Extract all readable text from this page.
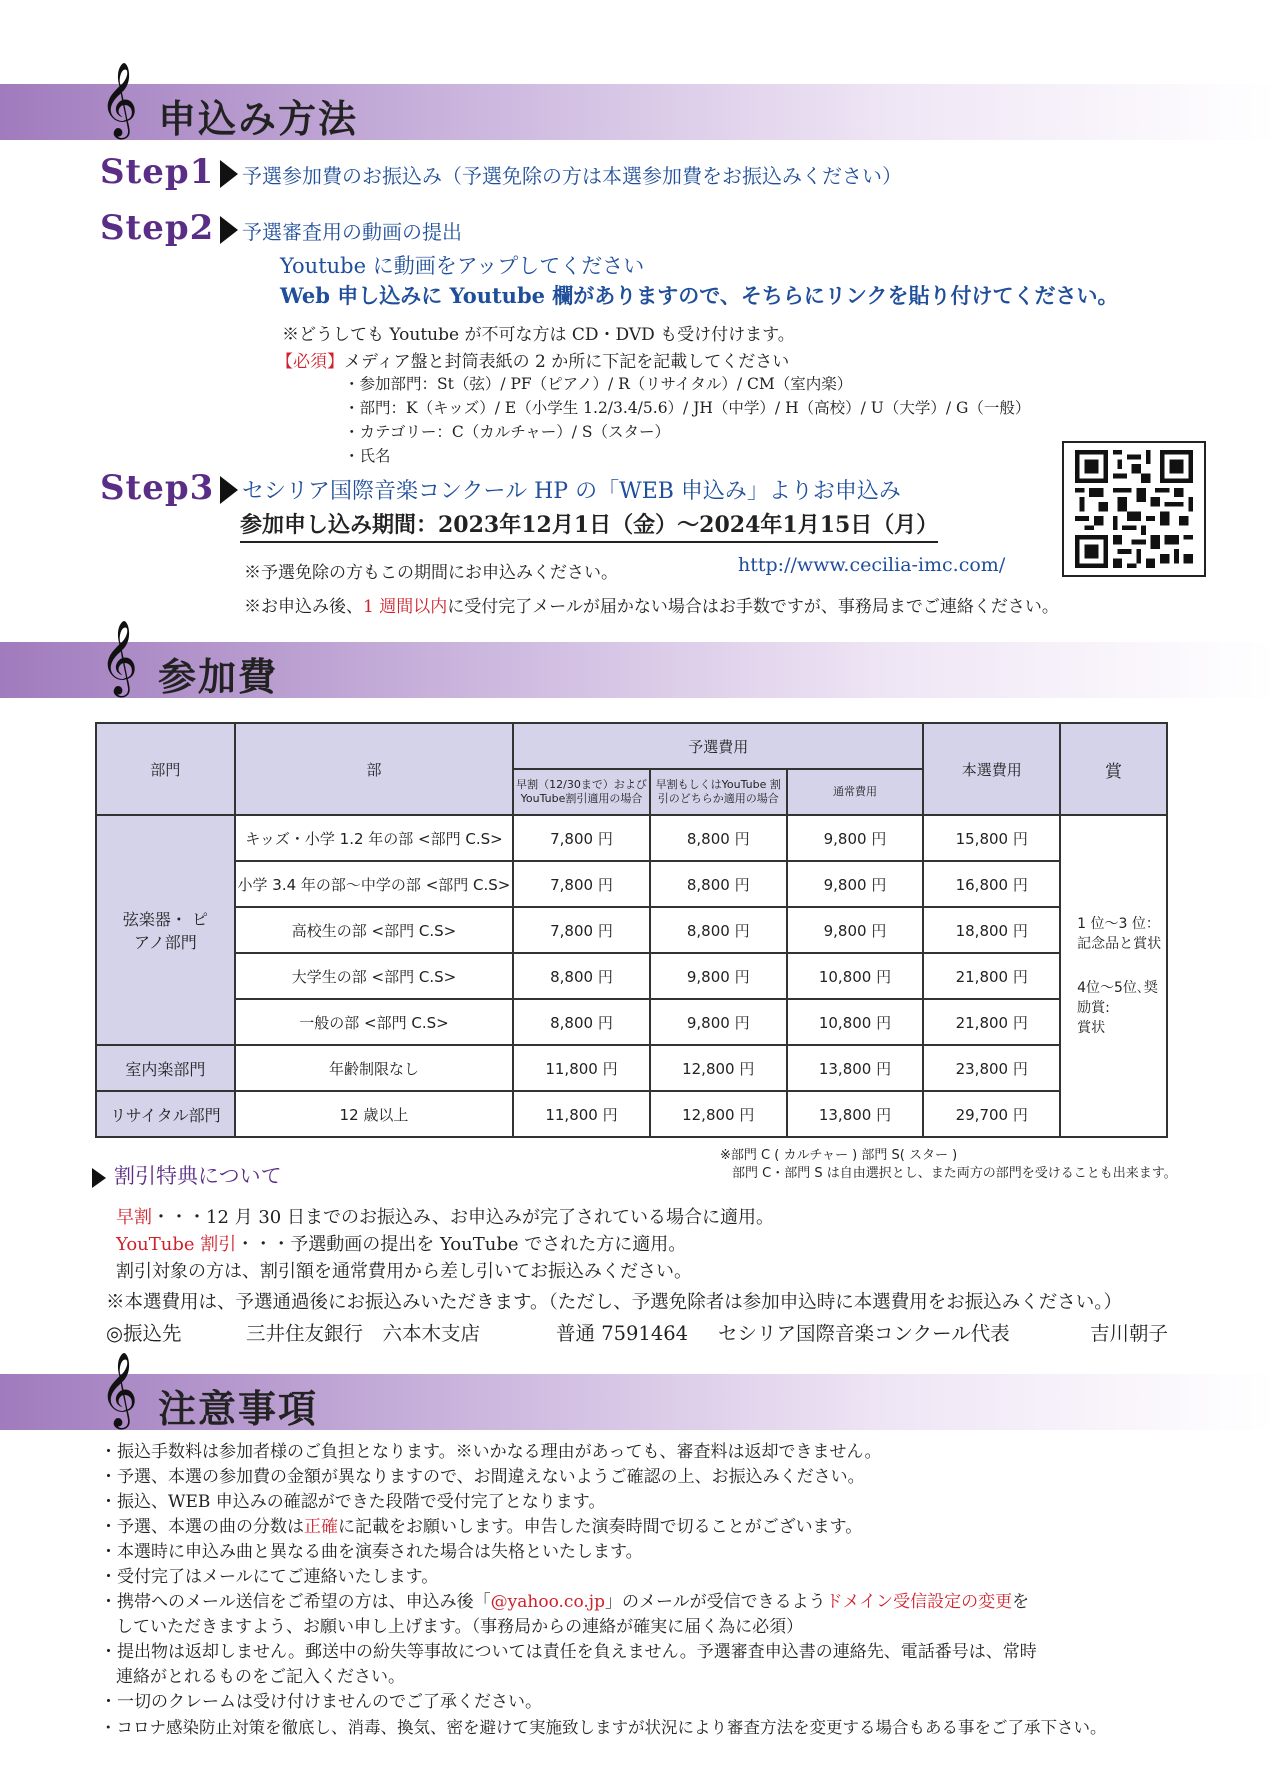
𝄞 申込み方法
Step1	予選参加費のお振込み（予選免除の方は本選参加費をお振込みください）
Step2	予選審査用の動画の提出
Youtube に動画をアップしてください
Web 申し込みに Youtube 欄がありますので、そちらにリンクを貼り付けてください。
※どうしても Youtube が不可な方は CD・DVD も受け付けます。
【必須】メディア盤と封筒表紙の 2 か所に下記を記載してください
・参加部門：St（弦）/ PF（ピアノ）/ R（リサイタル）/ CM（室内楽）
・部門：K（キッズ）/ E（小学生 1.2/3.4/5.6）/ JH（中学）/ H（高校）/ U（大学）/ G（一般）
・カテゴリー：C（カルチャー）/ S（スター）
・氏名
Step3	セシリア国際音楽コンクール HP の「WEB 申込み」よりお申込み
参加申し込み期間：2023年12月1日（金）～2024年1月15日（月）
※予選免除の方もこの期間にお申込みください。	http://www.cecilia-imc.com/
※お申込み後、1 週間以内に受付完了メールが届かない場合はお手数ですが、事務局までご連絡ください。
𝄞 参加費
部門	部	予選費用			本選費用	賞
		早割（12/30まで）および YouTube割引適用の場合	早割もしくはYouTube 割引のどちらか適用の場合	通常費用		
弦楽器・ ピアノ部門	キッズ・小学 1.2 年の部 <部門 C.S>	7,800 円	8,800 円	9,800 円	15,800 円	1 位～3 位：
記念品と賞状
4位～5位､奨励賞:
賞状

	小学 3.4 年の部～中学の部 <部門 C.S>	7,800 円	8,800 円	9,800 円	16,800 円	
	高校生の部 <部門 C.S>	7,800 円	8,800 円	9,800 円	18,800 円	
	大学生の部 <部門 C.S>	8,800 円	9,800 円	10,800 円	21,800 円	
	一般の部 <部門 C.S>	8,800 円	9,800 円	10,800 円	21,800 円	
室内楽部門	年齢制限なし	11,800 円	12,800 円	13,800 円	23,800 円	
リサイタル部門	12 歳以上	11,800 円	12,800 円	13,800 円	29,700 円	
※部門 C ( カルチャー ) 部門 S( スター )
部門 C・部門 S は自由選択とし、また両方の部門を受けることも出来ます。
割引特典について
早割・・・12 月 30 日までのお振込み、お申込みが完了されている場合に適用。
YouTube 割引・・・予選動画の提出を YouTube でされた方に適用。
割引対象の方は、割引額を通常費用から差し引いてお振込みください。
※本選費用は、予選通過後にお振込みいただきます。（ただし、予選免除者は参加申込時に本選費用をお振込みください。）
◎振込先	三井住友銀行　六本木支店	普通 7591464 セシリア国際音楽コンクール代表	吉川朝子
𝄞 注意事項

・振込手数料は参加者様のご負担となります。※いかなる理由があっても、審査料は返却できません。

・予選、本選の参加費の金額が異なりますので、お間違えないようご確認の上、お振込みください。

・振込、WEB 申込みの確認ができた段階で受付完了となります。

・予選、本選の曲の分数は正確に記載をお願いします。申告した演奏時間で切ることがございます。

・本選時に申込み曲と異なる曲を演奏された場合は失格といたします。

・受付完了はメールにてご連絡いたします。

・携帯へのメール送信をご希望の方は、申込み後「@yahoo.co.jp」のメールが受信できるようドメイン受信設定の変更を

していただきますよう、お願い申し上げます。（事務局からの連絡が確実に届く為に必須）

・提出物は返却しません。郵送中の紛失等事故については責任を負えません。予選審査申込書の連絡先、電話番号は、常時

連絡がとれるものをご記入ください。

・一切のクレームは受け付けませんのでご了承ください。

・コロナ感染防止対策を徹底し、消毒、換気、密を避けて実施致しますが状況により審査方法を変更する場合もある事をご了承下さい。
